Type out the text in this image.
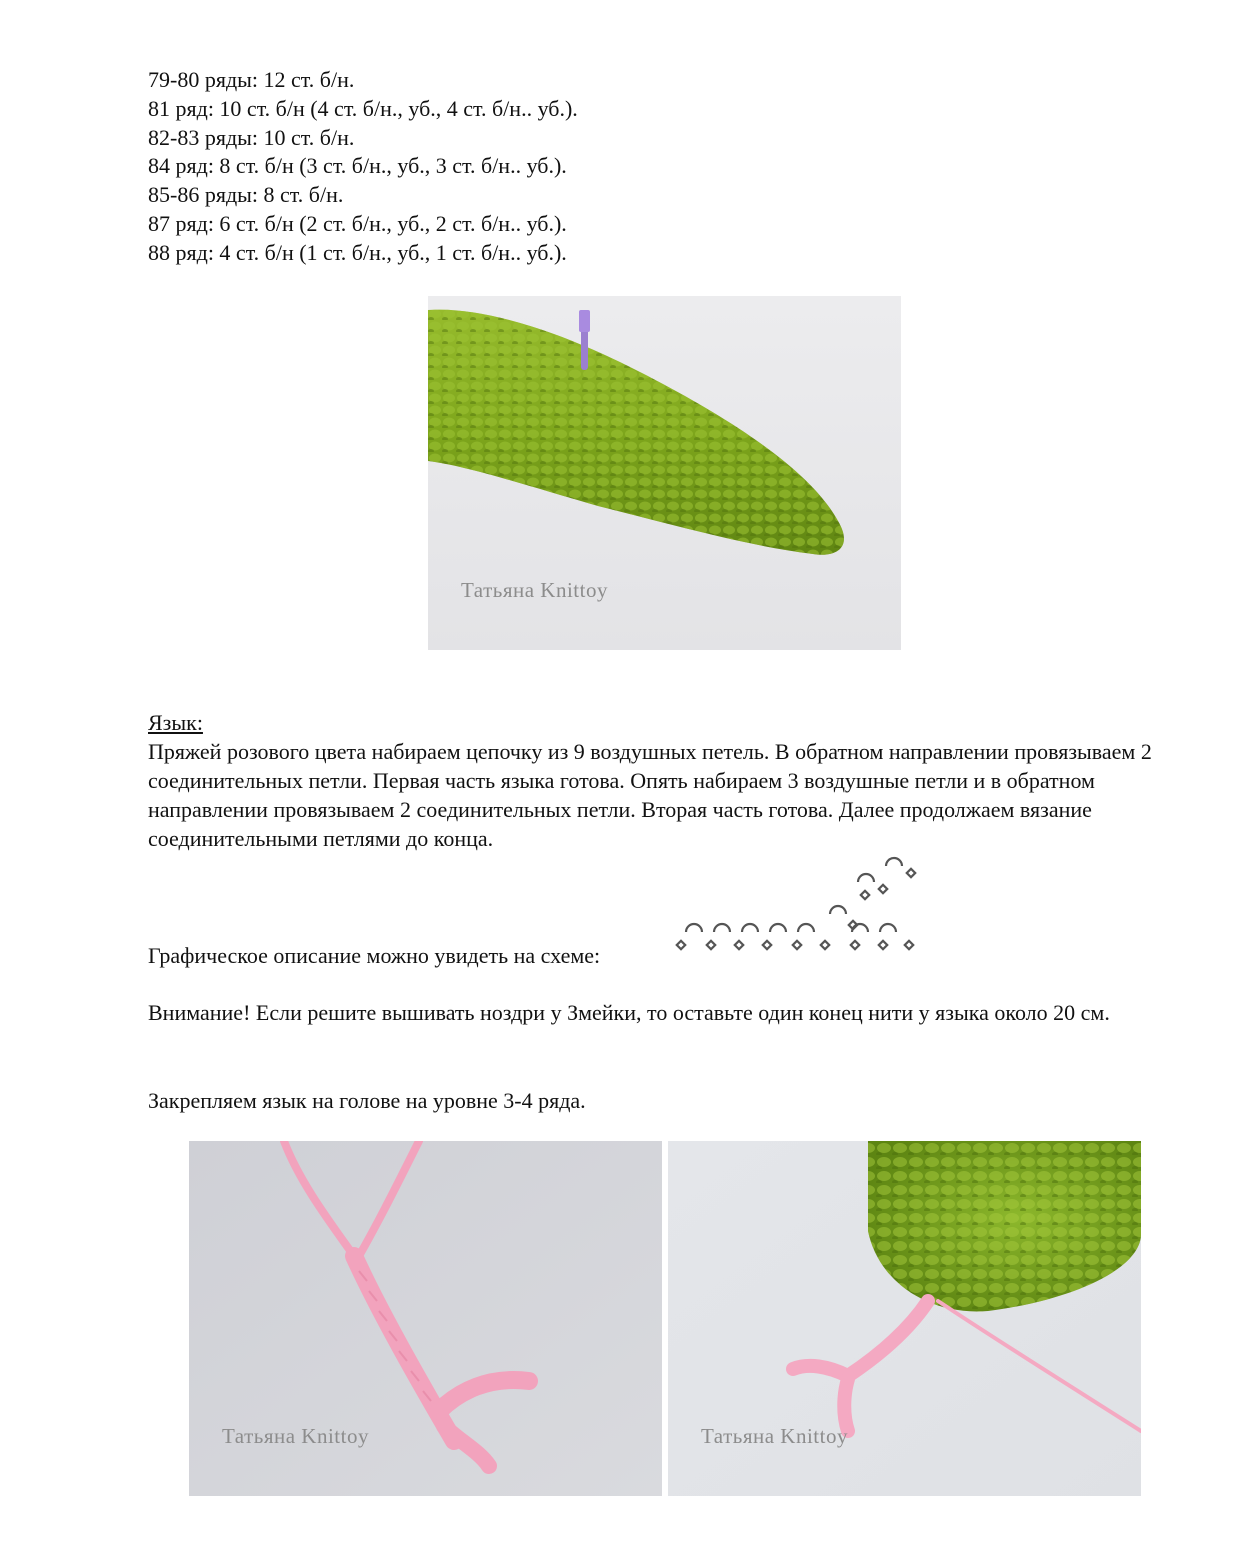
79-80 ряды: 12 ст. б/н.
81 ряд: 10 ст. б/н (4 ст. б/н., уб., 4 ст. б/н.. уб.).
82-83 ряды: 10 ст. б/н.
84 ряд: 8 ст. б/н (3 ст. б/н., уб., 3 ст. б/н.. уб.).
85-86 ряды: 8 ст. б/н.
87 ряд: 6 ст. б/н (2 ст. б/н., уб., 2 ст. б/н.. уб.).
88 ряд: 4 ст. б/н (1 ст. б/н., уб., 1 ст. б/н.. уб.).
Татьяна Knittoy
Язык:
Пряжей розового цвета набираем цепочку из 9 воздушных петель. В обратном направлении провязываем 2 соединительных петли. Первая часть языка готова. Опять набираем 3 воздушные петли и в обратном направлении провязываем 2 соединительных петли. Вторая часть готова. Далее продолжаем вязание соединительными петлями до конца.
Графическое описание можно увидеть на схеме:
Внимание! Если решите вышивать ноздри у Змейки, то оставьте один конец нити у языка около 20 см.
Закрепляем язык на голове на уровне 3-4 ряда.
Татьяна Knittoy	Татьяна Knittoy
